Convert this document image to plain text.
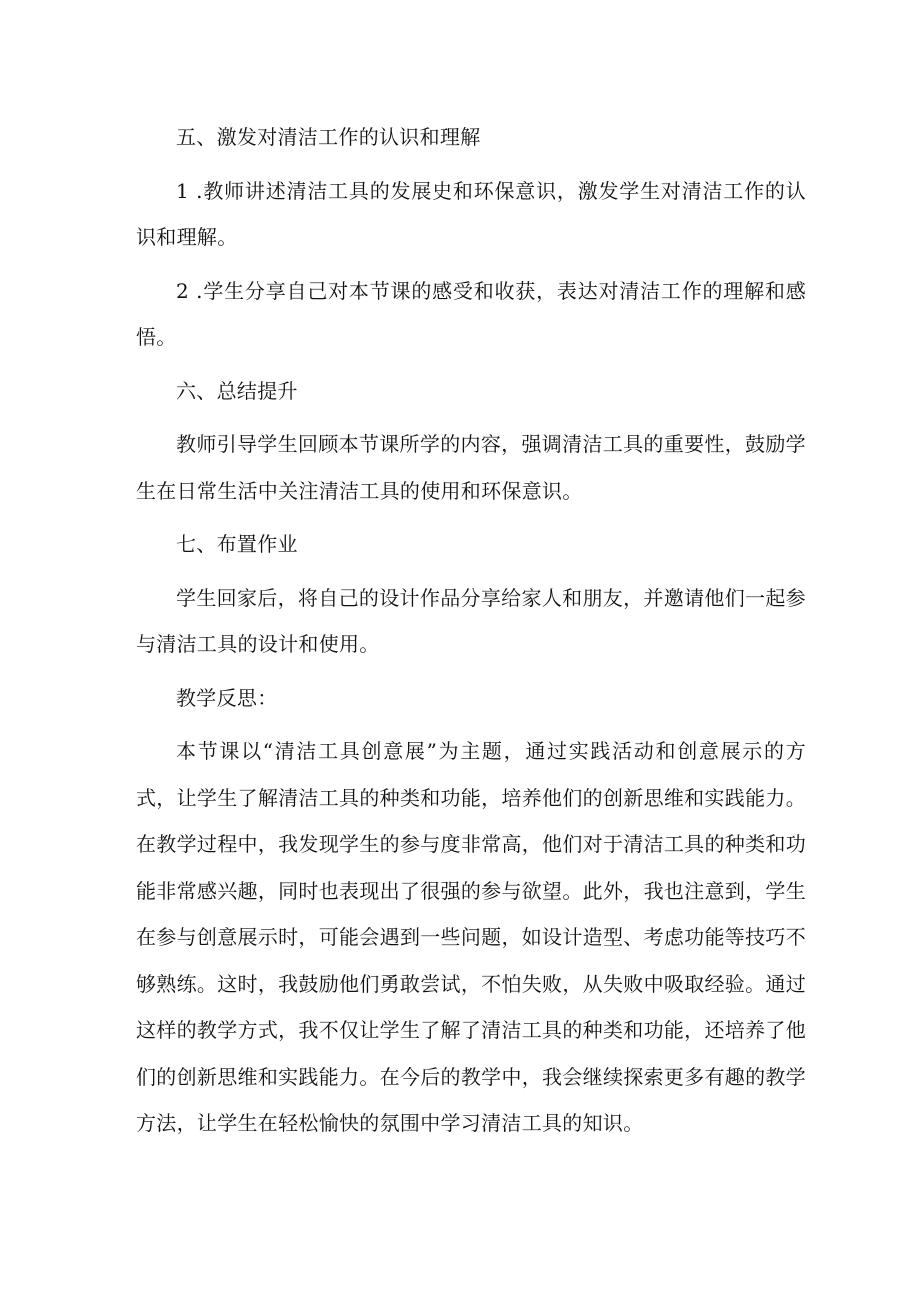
五、激发对清洁工作的认识和理解

1 .教师讲述清洁工具的发展史和环保意识，激发学生对清洁工作的认识和理解。

2 .学生分享自己对本节课的感受和收获，表达对清洁工作的理解和感悟。

六、总结提升

教师引导学生回顾本节课所学的内容，强调清洁工具的重要性，鼓励学生在日常生活中关注清洁工具的使用和环保意识。

七、布置作业

学生回家后，将自己的设计作品分享给家人和朋友，并邀请他们一起参与清洁工具的设计和使用。

教学反思：

本节课以“清洁工具创意展”为主题，通过实践活动和创意展示的方式，让学生了解清洁工具的种类和功能，培养他们的创新思维和实践能力。在教学过程中，我发现学生的参与度非常高，他们对于清洁工具的种类和功能非常感兴趣，同时也表现出了很强的参与欲望。此外，我也注意到，学生在参与创意展示时，可能会遇到一些问题，如设计造型、考虑功能等技巧不够熟练。这时，我鼓励他们勇敢尝试，不怕失败，从失败中吸取经验。通过这样的教学方式，我不仅让学生了解了清洁工具的种类和功能，还培养了他们的创新思维和实践能力。在今后的教学中，我会继续探索更多有趣的教学方法，让学生在轻松愉快的氛围中学习清洁工具的知识。
